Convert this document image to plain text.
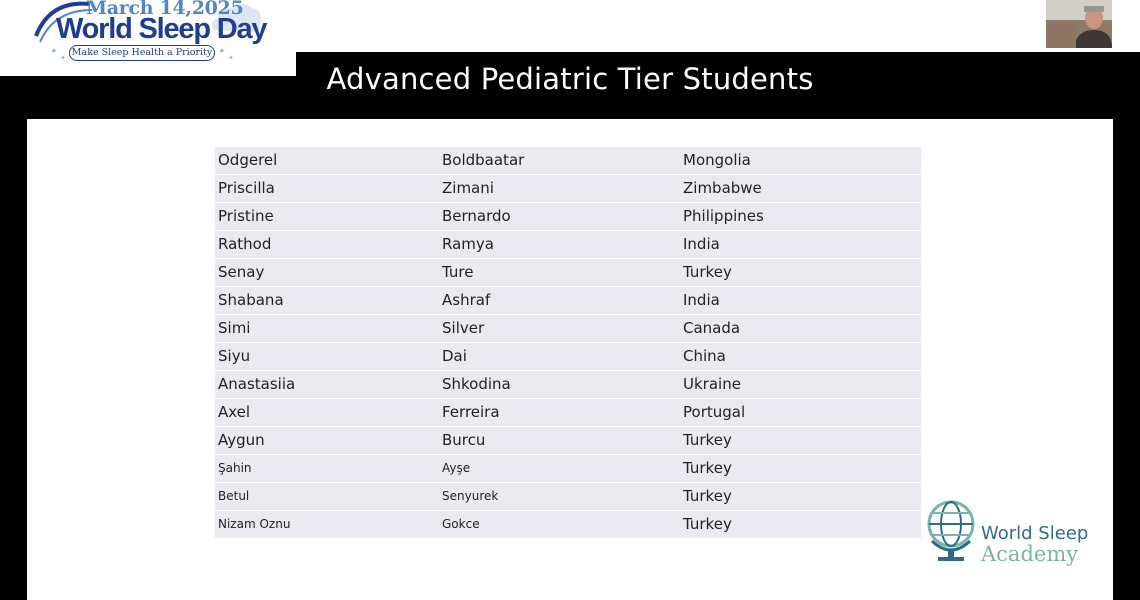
March 14,2025
World Sleep Day
Make Sleep Health a Priority
✦
✦
✦
✦
Advanced Pediatric Tier Students
Odgerel	Boldbaatar	Mongolia
Priscilla	Zimani	Zimbabwe
Pristine	Bernardo	Philippines
Rathod	Ramya	India
Senay	Ture	Turkey
Shabana	Ashraf	India
Simi	Silver	Canada
Siyu	Dai	China
Anastasiia	Shkodina	Ukraine
Axel	Ferreira	Portugal
Aygun	Burcu	Turkey
Şahin	Ayşe	Turkey
Betul	Senyurek	Turkey
Nizam Oznu	Gokce	Turkey	World Sleep
Academy
